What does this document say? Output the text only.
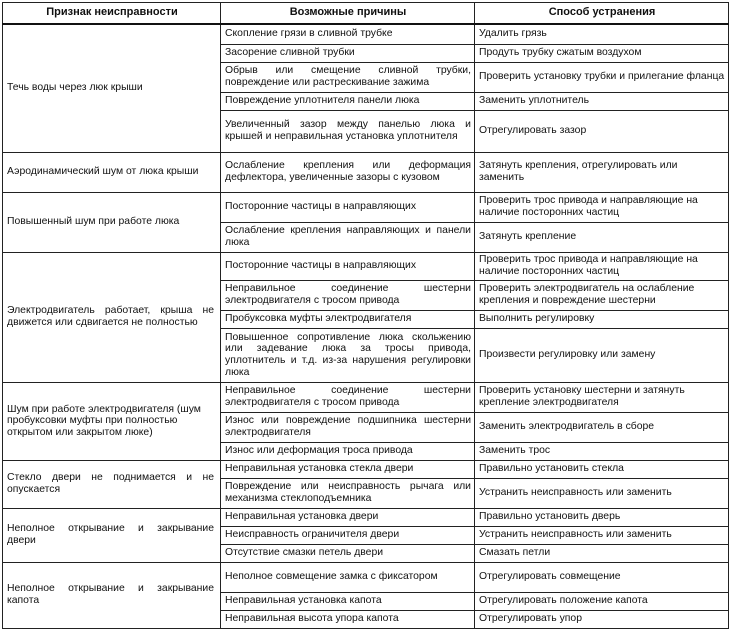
Признак неисправности	Возможные причины	Способ устранения
Течь воды через люк крыши	Скопление грязи в сливной трубке	Удалить грязь
	Засорение сливной трубки	Продуть трубку сжатым воздухом
	Обрыв или смещение сливной трубки, повреждение или растрескивание зажима	Проверить установку трубки и прилегание фланца
	Повреждение уплотнителя панели люка	Заменить уплотнитель
	Увеличенный зазор между панелью люка и крышей и неправильная установка уплотнителя	Отрегулировать зазор
Аэродинамический шум от люка крыши	Ослабление крепления или деформация дефлектора, увеличенные зазоры с кузовом	Затянуть крепления, отрегулировать или заменить
Повышенный шум при работе люка	Посторонние частицы в направляющих	Проверить трос привода и направляющие на наличие посторонних частиц
	Ослабление крепления направляющих и панели люка	Затянуть крепление
Электродвигатель работает, крыша не движется или сдвигается не полностью	Посторонние частицы в направляющих	Проверить трос привода и направляющие на наличие посторонних частиц
	Неправильное соединение шестерни электродвигателя с тросом привода	Проверить электродвигатель на ослабление крепления и повреждение шестерни
	Пробуксовка муфты электродвигателя	Выполнить регулировку
	Повышенное сопротивление люка скольжению или задевание люка за тросы привода, уплотнитель и т.д. из-за нарушения регулировки люка	Произвести регулировку или замену
Шум при работе электродвигателя (шум пробуксовки муфты при полностью открытом или закрытом люке)	Неправильное соединение шестерни электродвигателя с тросом привода	Проверить установку шестерни и затянуть крепление электродвигателя
	Износ или повреждение подшипника шестерни электродвигателя	Заменить электродвигатель в сборе
	Износ или деформация троса привода	Заменить трос
Стекло двери не поднимается и не опускается	Неправильная установка стекла двери	Правильно установить стекла
	Повреждение или неисправность рычага или механизма стеклоподъемника	Устранить неисправность или заменить
Неполное открывание и закрывание двери	Неправильная установка двери	Правильно установить дверь
	Неисправность ограничителя двери	Устранить неисправность или заменить
	Отсутствие смазки петель двери	Смазать петли
Неполное открывание и закрывание капота	Неполное совмещение замка с фиксатором	Отрегулировать совмещение
	Неправильная установка капота	Отрегулировать положение капота
	Неправильная высота упора капота	Отрегулировать упор
